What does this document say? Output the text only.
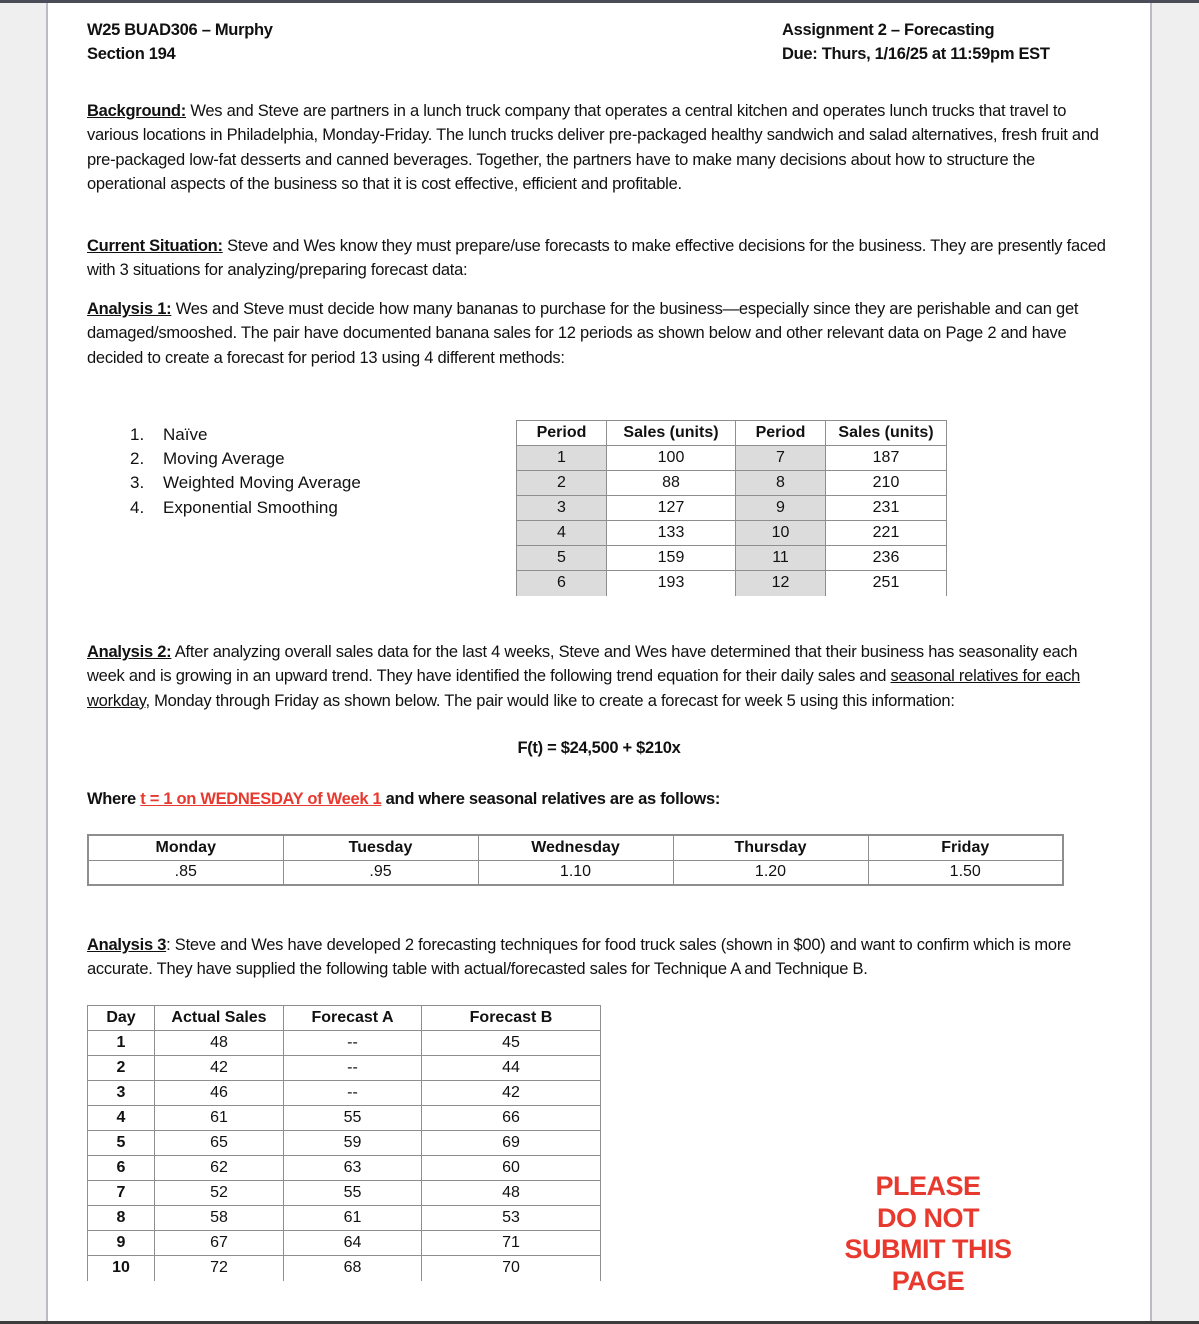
W25 BUAD306 – Murphy
Section 194
Assignment 2 – Forecasting
Due: Thurs, 1/16/25 at 11:59pm EST

Background: Wes and Steve are partners in a lunch truck company that operates a central kitchen and operates lunch trucks that travel to various locations in Philadelphia, Monday-Friday. The lunch trucks deliver pre-packaged healthy sandwich and salad alternatives, fresh fruit and pre-packaged low-fat desserts and canned beverages. Together, the partners have to make many decisions about how to structure the operational aspects of the business so that it is cost effective, efficient and profitable.

Current Situation: Steve and Wes know they must prepare/use forecasts to make effective decisions for the business. They are presently faced with 3 situations for analyzing/preparing forecast data:

Analysis 1: Wes and Steve must decide how many bananas to purchase for the business—especially since they are perishable and can get damaged/smooshed. The pair have documented banana sales for 12 periods as shown below and other relevant data on Page 2 and have decided to create a forecast for period 13 using 4 different methods:

1.	Naïve
2.	Moving Average
3.	Weighted Moving Average
4.	Exponential Smoothing
Period	Sales (units)	Period	Sales (units)
1	100	7	187
2	88	8	210
3	127	9	231
4	133	10	221
5	159	11	236
6	193	12	251

Analysis 2: After analyzing overall sales data for the last 4 weeks, Steve and Wes have determined that their business has seasonality each week and is growing in an upward trend. They have identified the following trend equation for their daily sales and seasonal relatives for each workday, Monday through Friday as shown below. The pair would like to create a forecast for week 5 using this information:

F(t) = $24,500 + $210x
Where t = 1 on WEDNESDAY of Week 1 and where seasonal relatives are as follows:
Monday	Tuesday	Wednesday	Thursday	Friday
.85	.95	1.10	1.20	1.50

Analysis 3: Steve and Wes have developed 2 forecasting techniques for food truck sales (shown in $00) and want to confirm which is more accurate. They have supplied the following table with actual/forecasted sales for Technique A and Technique B.

Day	Actual Sales	Forecast A	Forecast B
1	48	--	45
2	42	--	44
3	46	--	42
4	61	55	66
5	65	59	69
6	62	63	60
7	52	55	48
8	58	61	53
9	67	64	71
10	72	68	70
PLEASE
DO NOT
SUBMIT THIS
PAGE
